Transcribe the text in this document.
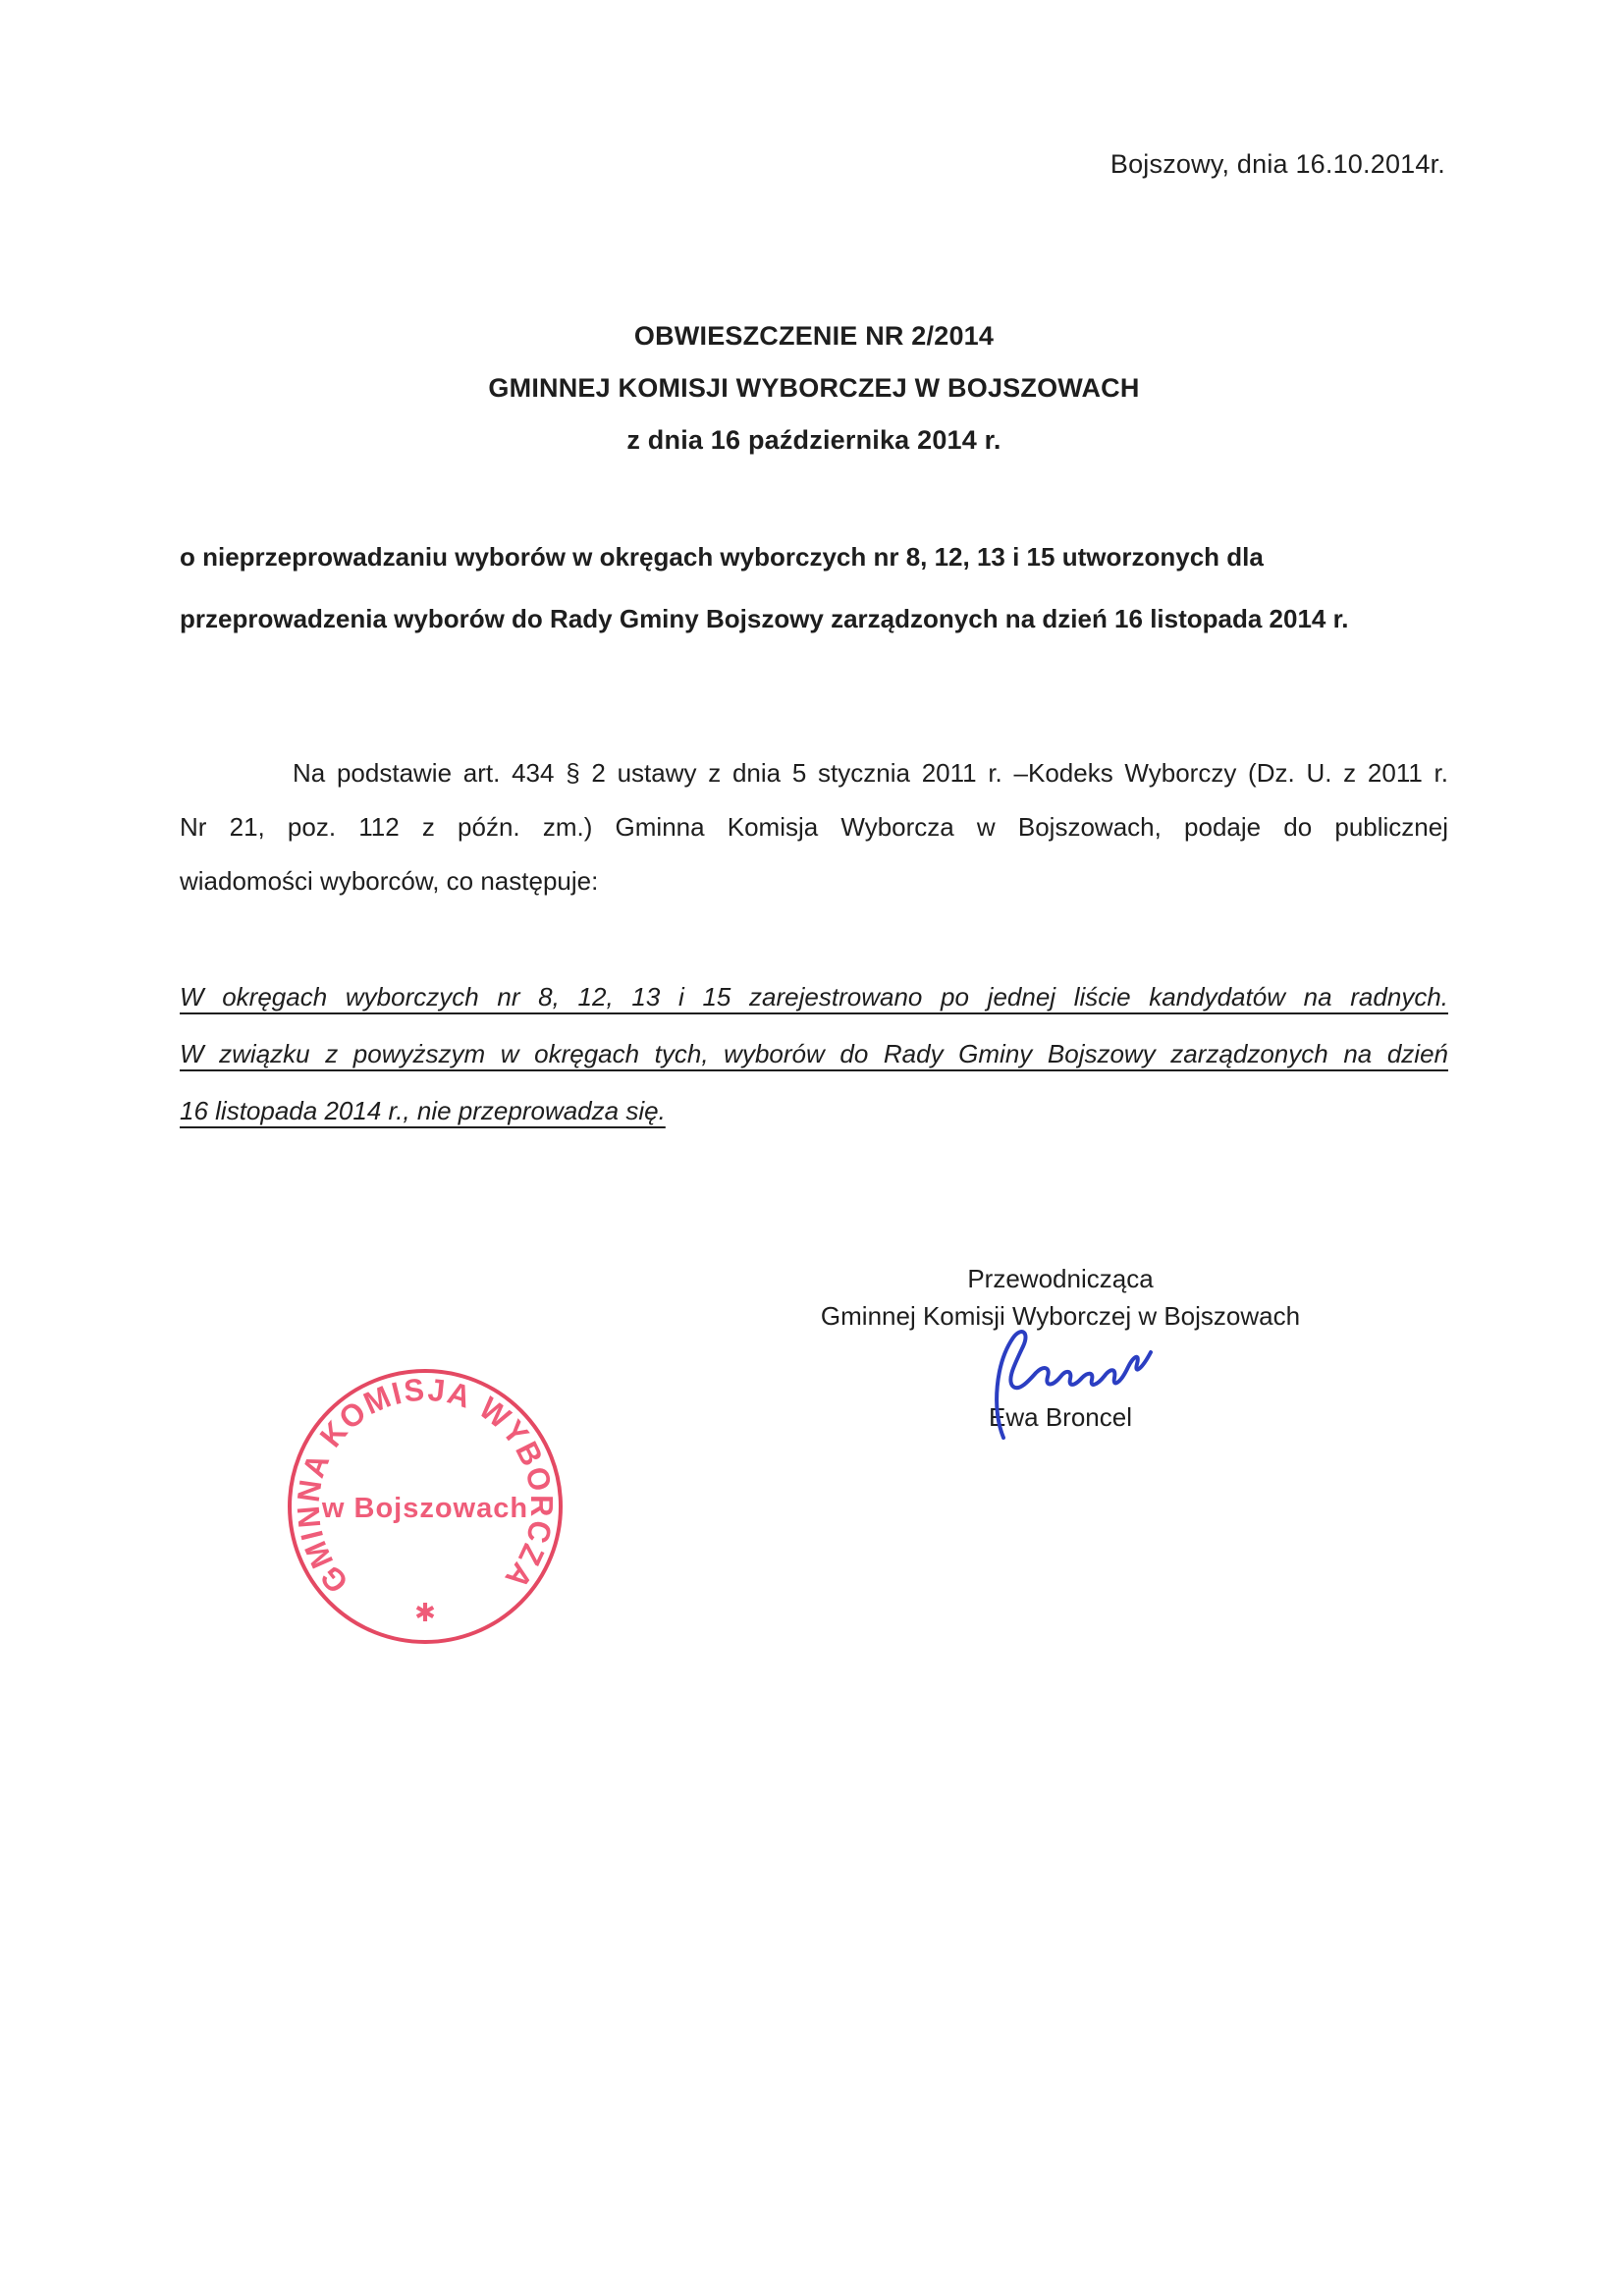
Bojszowy, dnia 16.10.2014r.
OBWIESZCZENIE NR 2/2014
GMINNEJ KOMISJI WYBORCZEJ W BOJSZOWACH
z dnia 16 października 2014 r.
o nieprzeprowadzaniu wyborów w okręgach wyborczych nr 8, 12, 13 i 15 utworzonych dla
przeprowadzenia wyborów do Rady Gminy Bojszowy zarządzonych na dzień 16 listopada 2014 r.
Na podstawie art. 434 § 2 ustawy z dnia 5 stycznia 2011 r. –Kodeks Wyborczy (Dz. U. z 2011 r.
Nr 21, poz. 112 z późn. zm.) Gminna Komisja Wyborcza w Bojszowach, podaje do publicznej
wiadomości wyborców, co następuje:
W okręgach wyborczych nr 8, 12, 13 i 15 zarejestrowano po jednej liście kandydatów na radnych.
W związku z powyższym w okręgach tych, wyborów do Rady Gminy Bojszowy zarządzonych na dzień
16 listopada 2014 r., nie przeprowadza się.
Przewodnicząca
Gminnej Komisji Wyborczej w Bojszowach
Ewa Broncel
GMINNA KOMISJA WYBORCZA
w Bojszowach
✱
